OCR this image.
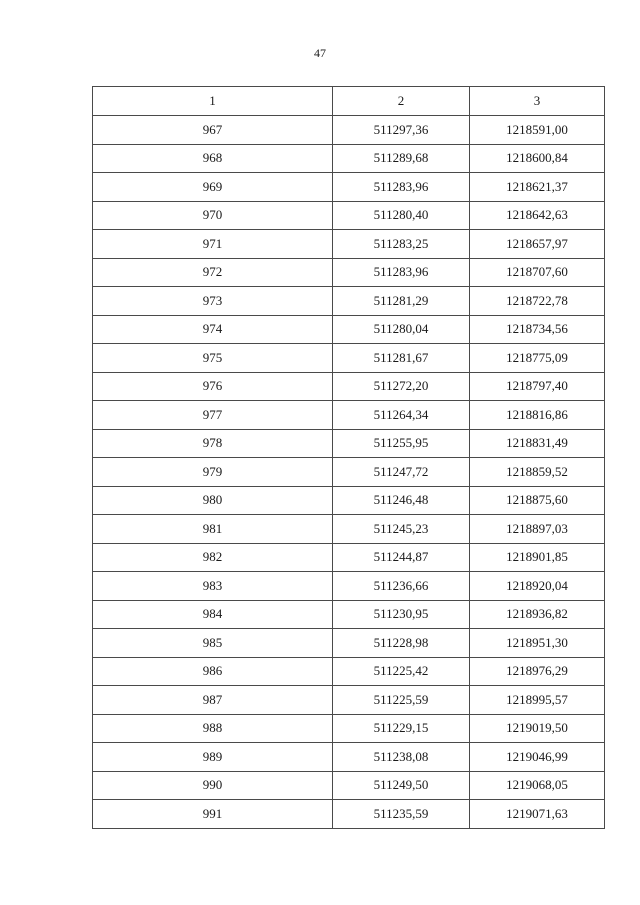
47
1	2	3
967	511297,36	1218591,00
968	511289,68	1218600,84
969	511283,96	1218621,37
970	511280,40	1218642,63
971	511283,25	1218657,97
972	511283,96	1218707,60
973	511281,29	1218722,78
974	511280,04	1218734,56
975	511281,67	1218775,09
976	511272,20	1218797,40
977	511264,34	1218816,86
978	511255,95	1218831,49
979	511247,72	1218859,52
980	511246,48	1218875,60
981	511245,23	1218897,03
982	511244,87	1218901,85
983	511236,66	1218920,04
984	511230,95	1218936,82
985	511228,98	1218951,30
986	511225,42	1218976,29
987	511225,59	1218995,57
988	511229,15	1219019,50
989	511238,08	1219046,99
990	511249,50	1219068,05
991	511235,59	1219071,63
